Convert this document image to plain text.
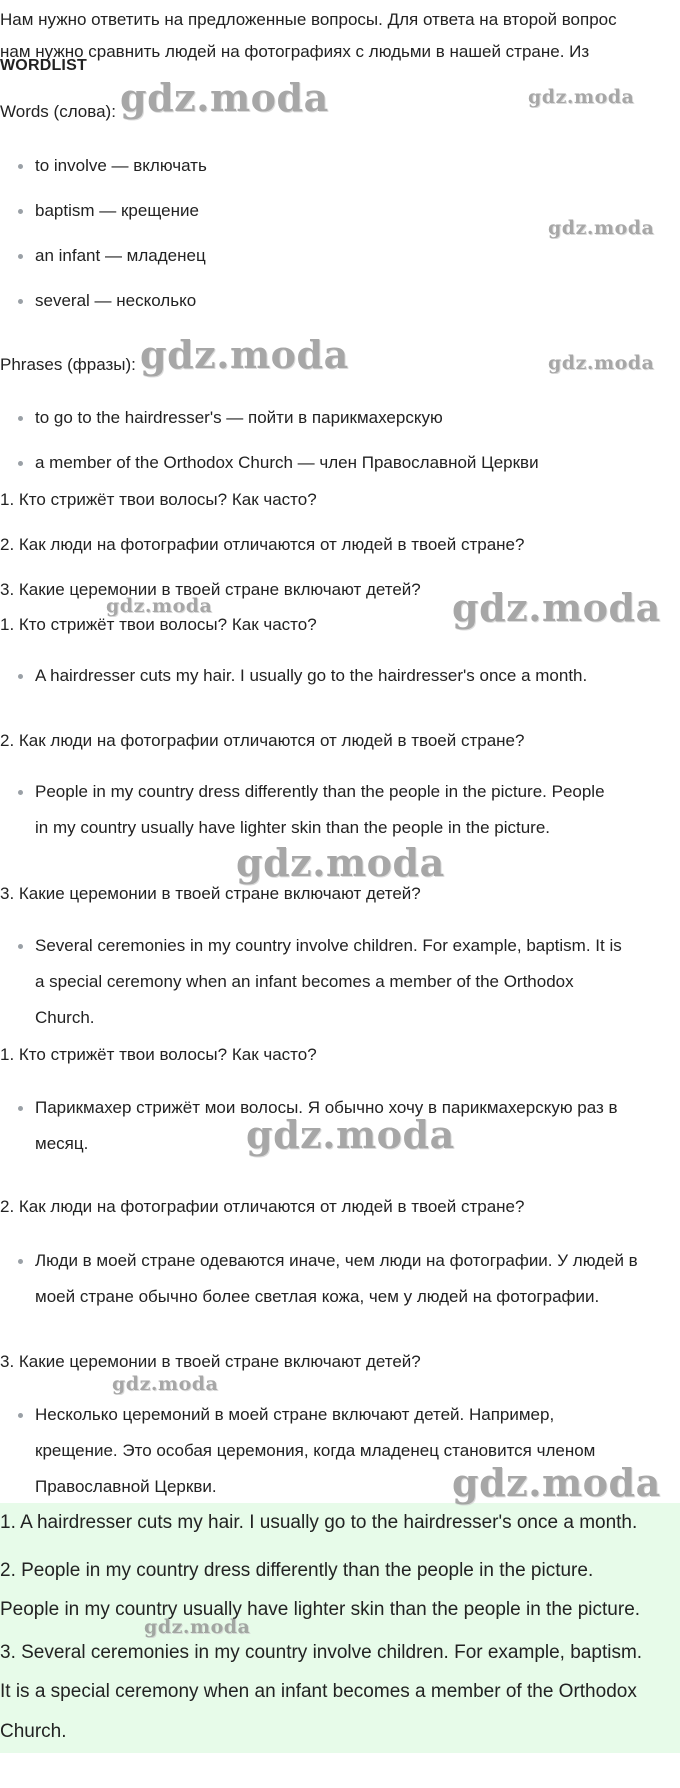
Нам нужно ответить на предложенные вопросы. Для ответа на второй вопрос
нам нужно сравнить людей на фотографиях с людьми в нашей стране. Из
WORDLIST
Words (слова):
to involve — включать
baptism — крещение
an infant — младенец
several — несколько
Phrases (фразы):
to go to the hairdresser's — пойти в парикмахерскую
a member of the Orthodox Church — член Православной Церкви
1. Кто стрижёт твои волосы? Как часто?
2. Как люди на фотографии отличаются от людей в твоей стране?
3. Какие церемонии в твоей стране включают детей?
1. Кто стрижёт твои волосы? Как часто?
A hairdresser cuts my hair. I usually go to the hairdresser's once a month.
2. Как люди на фотографии отличаются от людей в твоей стране?
People in my country dress differently than the people in the picture. People
in my country usually have lighter skin than the people in the picture.
3. Какие церемонии в твоей стране включают детей?
Several ceremonies in my country involve children. For example, baptism. It is
a special ceremony when an infant becomes a member of the Orthodox
Church.
1. Кто стрижёт твои волосы? Как часто?
Парикмахер стрижёт мои волосы. Я обычно хочу в парикмахерскую раз в
месяц.
2. Как люди на фотографии отличаются от людей в твоей стране?
Люди в моей стране одеваются иначе, чем люди на фотографии. У людей в
моей стране обычно более светлая кожа, чем у людей на фотографии.
3. Какие церемонии в твоей стране включают детей?
Несколько церемоний в моей стране включают детей. Например,
крещение. Это особая церемония, когда младенец становится членом
Православной Церкви.

1. A hairdresser cuts my hair. I usually go to the hairdresser's once a month.

2. People in my country dress differently than the people in the picture.

People in my country usually have lighter skin than the people in the picture.

3. Several ceremonies in my country involve children. For example, baptism.

It is a special ceremony when an infant becomes a member of the Orthodox

Church.

gdz.moda	gdz.moda
gdz.moda
gdz.moda	gdz.moda
gdz.moda	gdz.moda
gdz.moda
gdz.moda
gdz.moda
gdz.moda
gdz.moda
